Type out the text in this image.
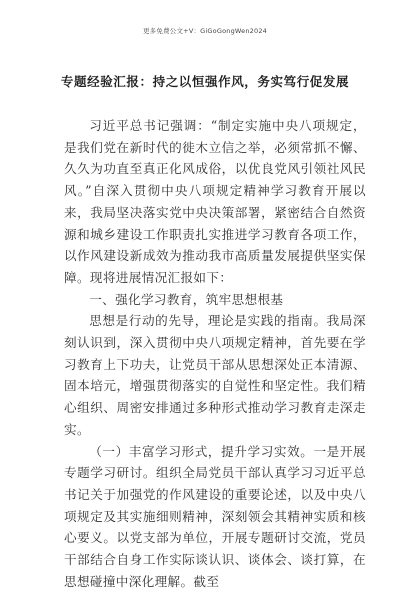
更多免费公文+V：GiGoGongWen2024
专题经验汇报：持之以恒强作风，务实笃行促发展

习近平总书记强调：“制定实施中央八项规定，是我们党在新时代的徙木立信之举，必须常抓不懈、久久为功直至真正化风成俗，以优良党风引领社风民风。”自深入贯彻中央八项规定精神学习教育开展以来，我局坚决落实党中央决策部署，紧密结合自然资源和城乡建设工作职责扎实推进学习教育各项工作，以作风建设新成效为推动我市高质量发展提供坚实保障。现将进展情况汇报如下：

一、强化学习教育，筑牢思想根基

思想是行动的先导，理论是实践的指南。我局深刻认识到，深入贯彻中央八项规定精神，首先要在学习教育上下功夫，让党员干部从思想深处正本清源、固本培元，增强贯彻落实的自觉性和坚定性。我们精心组织、周密安排通过多种形式推动学习教育走深走实。

（一）丰富学习形式，提升学习实效。一是开展专题学习研讨。组织全局党员干部认真学习习近平总书记关于加强党的作风建设的重要论述，以及中央八项规定及其实施细则精神，深刻领会其精神实质和核心要义。以党支部为单位，开展专题研讨交流，党员干部结合自身工作实际谈认识、谈体会、谈打算，在思想碰撞中深化理解。截至
